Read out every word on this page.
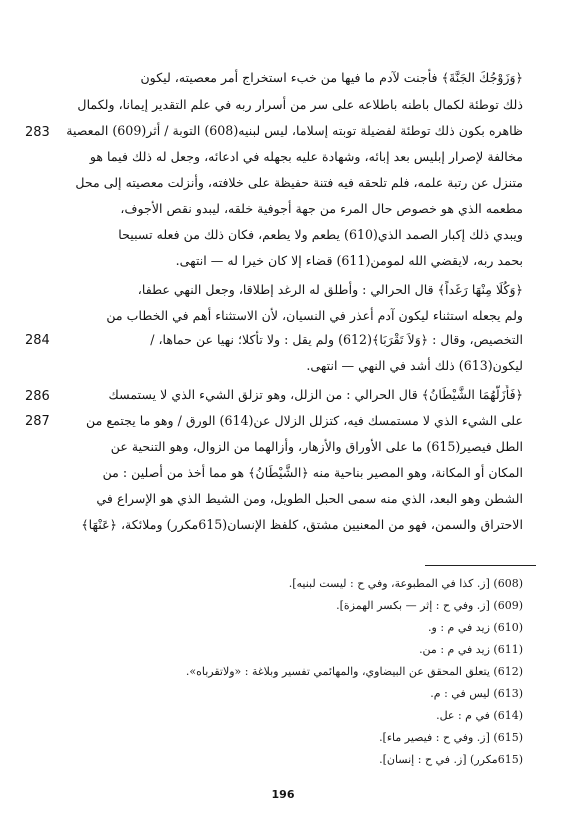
﴿وَزَوْجُكَ الجَنَّةَ﴾ فأجنت لآدم ما فيها من خبء استخراج أمر معصيته، ليكون
ذلك توطئة لكمال باطنه باطلاعه على سر من أسرار ربه في علم التقدير إيمانا، ولكمال
ظاهره بكون ذلك توطئة لفضيلة توبته إسلاما، ليس لبنيه(608) التوبة / أثر(609) المعصية
مخالفة لإصرار إبليس بعد إبائه، وشهادة عليه بجهله في ادعائه، وجعل له ذلك فيما هو
متنزل عن رتبة علمه، فلم تلحقه فيه فتنة حفيظة على خلافته، وأنزلت معصيته إلى محل
مطعمه الذي هو خصوص حال المرء من جهة أجوفية خلقه، ليبدو نقص الأجوف،
ويبدي ذلك إكبار الصمد الذي(610) يطعم ولا يطعم، فكان ذلك من فعله تسبيحا
بحمد ربه، لايقضي الله لمومن(611) قضاء إلا كان خيرا له — انتهى.
﴿وَكُلَا مِنْهَا رَغَداً﴾ قال الحرالي : وأطلق له الرغد إطلاقا، وجعل النهي عطفا،
ولم يجعله استثناء ليكون آدم أعذر في النسيان، لأن الاستثناء أهم في الخطاب من
التخصيص، وقال : ﴿وَلاَ تَقْرَبَا﴾(612) ولم يقل : ولا تأكلا؛ نهيا عن حماها، /
ليكون(613) ذلك أشد في النهي — انتهى.
﴿فَأَزَلَّهُمَا الشَّيْطَانُ﴾ قال الحرالي : من الزلل، وهو تزلق الشيء الذي لا يستمسك
على الشيء الذي لا مستمسك فيه، كتزلل الزلال عن(614) الورق / وهو ما يجتمع من
الطل فيصير(615) ما على الأوراق والأزهار، وأزالهما من الزوال، وهو التنحية عن
المكان أو المكانة، وهو المصير بناحية منه ﴿الشَّيْطَانُ﴾ هو مما أخذ من أصلين : من
الشطن وهو البعد، الذي منه سمى الحبل الطويل، ومن الشيط الذي هو الإسراع في
الاحتراق والسمن، فهو من المعنيين مشتق، كلفظ الإنسان(615مكرر) وملائكة، ﴿عَنْهَا﴾
283
284
286
287
(608) [ز. كذا في المطبوعة، وفي ح : ليست لبنيه].
(609) [ز. وفي ح : إثر — بكسر الهمزة].
(610) زيد في م : و.
(611) زيد في م : من.
(612) يتعلق المحقق عن البيضاوي، والمهائمي تفسير وبلاغة : «ولاتقرباه».
(613) ليس في : م.
(614) في م : عل.
(615) [ز. وفي ح : فيصير ماء].
(615مكرر) [ز. في ح : إنسان].
196
